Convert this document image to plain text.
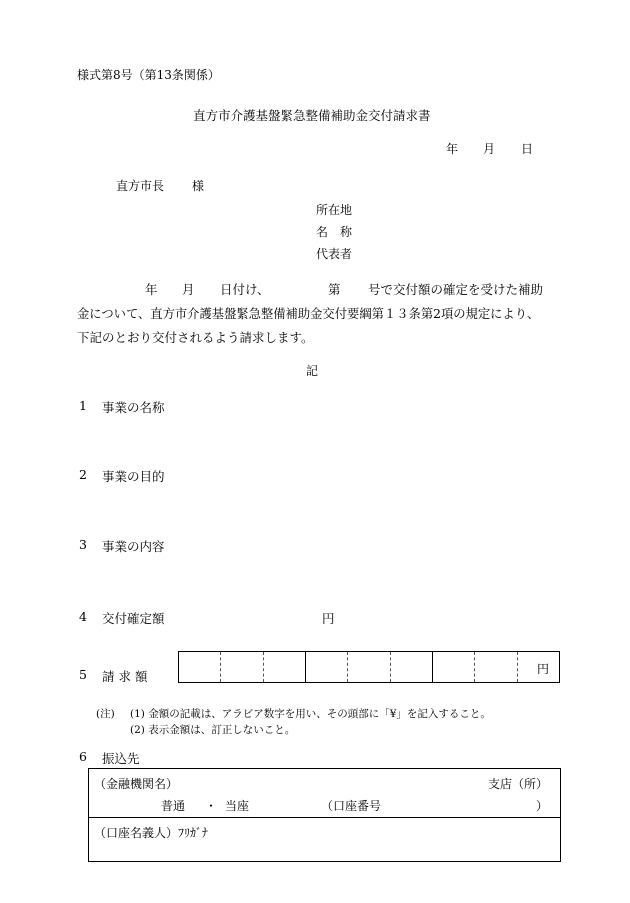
様式第8号（第13条関係）
直方市介護基盤緊急整備補助金交付請求書
年 月 日
直方市長 様
所在地
名　称
代表者
年 月 日付け、	第 号で交付額の確定を受けた補助
金について、直方市介護基盤緊急整備補助金交付要綱第１３条第2項の規定により、
下記のとおり交付されるよう請求します。
記
1 事業の名称
2 事業の目的
3 事業の内容
4 交付確定額	円
5 請 求 額	円
(注) (1) 金額の記載は、アラビア数字を用い、その頭部に「¥」を記入すること。
(2) 表示金額は、訂正しないこと。
6 振込先
（金融機関名）	支店（所）
普通 ・ 当座	（口座番号	）
（口座名義人）ﾌﾘｶﾞﾅ
